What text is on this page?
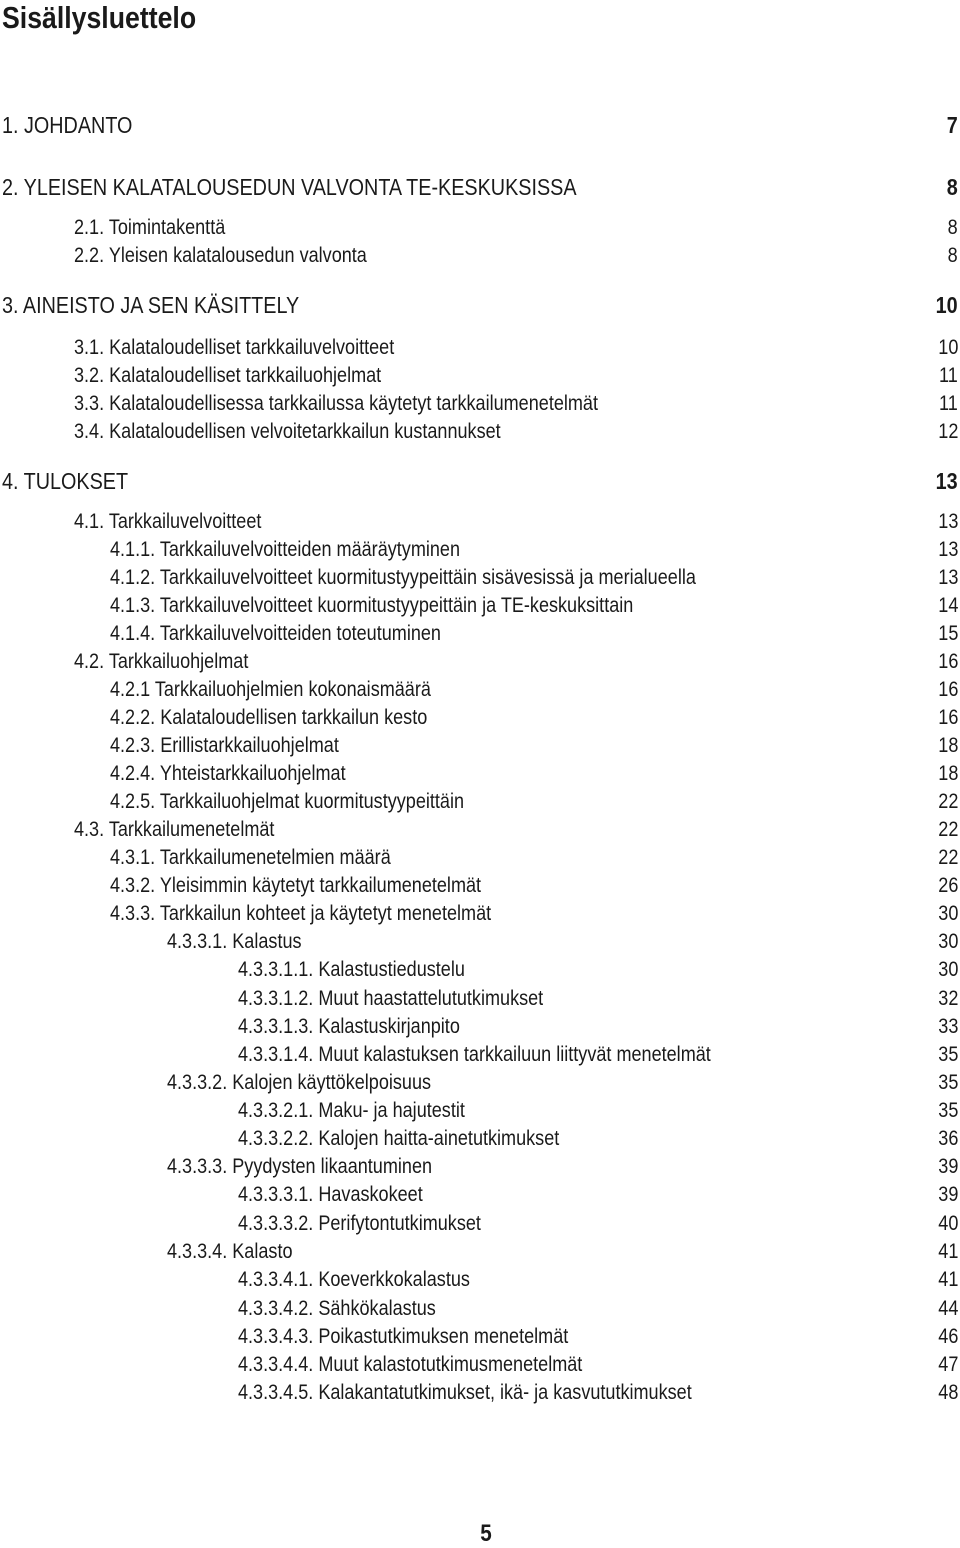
Sisällysluettelo
1. JOHDANTO	7
2. YLEISEN KALATALOUSEDUN VALVONTA TE-KESKUKSISSA	8
2.1. Toimintakenttä	8
2.2. Yleisen kalatalousedun valvonta	8
3. AINEISTO JA SEN KÄSITTELY	10
3.1. Kalataloudelliset tarkkailuvelvoitteet	10
3.2. Kalataloudelliset tarkkailuohjelmat	11
3.3. Kalataloudellisessa tarkkailussa käytetyt tarkkailumenetelmät	11
3.4. Kalataloudellisen velvoitetarkkailun kustannukset	12
4. TULOKSET	13
4.1. Tarkkailuvelvoitteet	13
4.1.1. Tarkkailuvelvoitteiden määräytyminen	13
4.1.2. Tarkkailuvelvoitteet kuormitustyypeittäin sisävesissä ja merialueella	13
4.1.3. Tarkkailuvelvoitteet kuormitustyypeittäin ja TE-keskuksittain	14
4.1.4. Tarkkailuvelvoitteiden toteutuminen	15
4.2. Tarkkailuohjelmat	16
4.2.1 Tarkkailuohjelmien kokonaismäärä	16
4.2.2. Kalataloudellisen tarkkailun kesto	16
4.2.3. Erillistarkkailuohjelmat	18
4.2.4. Yhteistarkkailuohjelmat	18
4.2.5. Tarkkailuohjelmat kuormitustyypeittäin	22
4.3. Tarkkailumenetelmät	22
4.3.1. Tarkkailumenetelmien määrä	22
4.3.2. Yleisimmin käytetyt tarkkailumenetelmät	26
4.3.3. Tarkkailun kohteet ja käytetyt menetelmät	30
4.3.3.1. Kalastus	30
4.3.3.1.1. Kalastustiedustelu	30
4.3.3.1.2. Muut haastattelututkimukset	32
4.3.3.1.3. Kalastuskirjanpito	33
4.3.3.1.4. Muut kalastuksen tarkkailuun liittyvät menetelmät	35
4.3.3.2. Kalojen käyttökelpoisuus	35
4.3.3.2.1. Maku- ja hajutestit	35
4.3.3.2.2. Kalojen haitta-ainetutkimukset	36
4.3.3.3. Pyydysten likaantuminen	39
4.3.3.3.1. Havaskokeet	39
4.3.3.3.2. Perifytontutkimukset	40
4.3.3.4. Kalasto	41
4.3.3.4.1. Koeverkkokalastus	41
4.3.3.4.2. Sähkökalastus	44
4.3.3.4.3. Poikastutkimuksen menetelmät	46
4.3.3.4.4. Muut kalastotutkimusmenetelmät	47
4.3.3.4.5. Kalakantatutkimukset, ikä- ja kasvututkimukset	48
5
